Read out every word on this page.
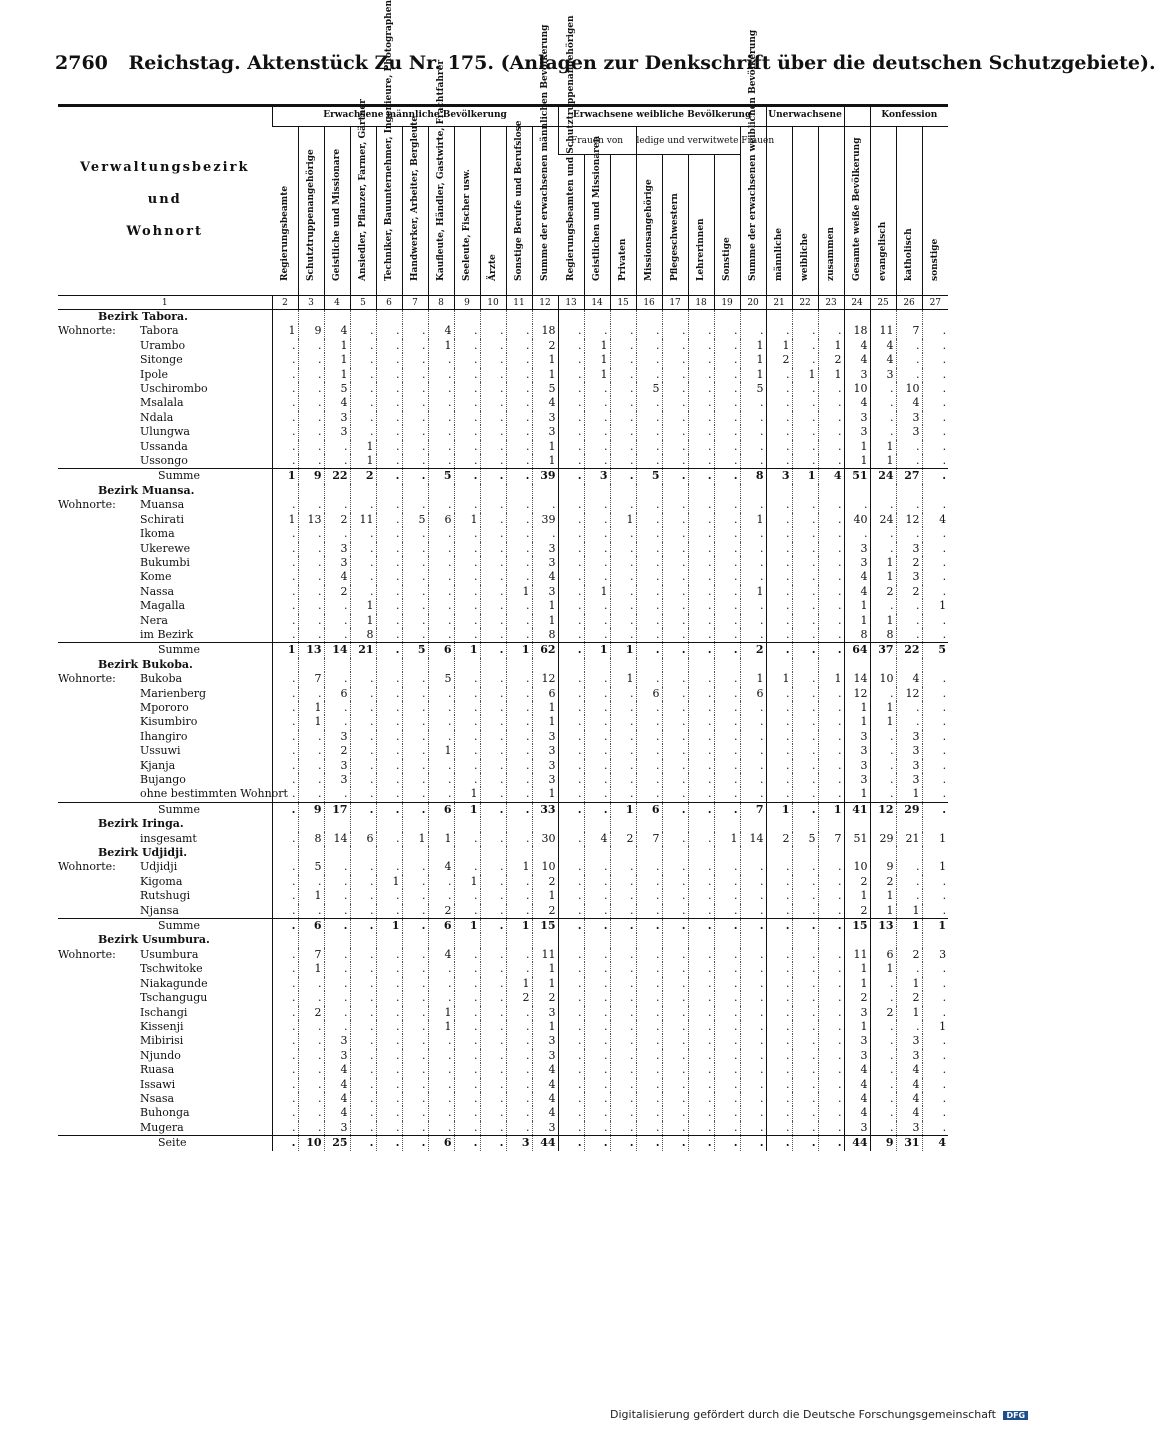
2760 Reichstag. Aktenstück Zu Nr. 175. (Anlagen zur Denkschrift über die deutschen Schutzgebiete).
Verwaltungsbezirk
und
Wohnort	Erwachsene männliche Bevölkerung											Erwachsene weibliche Bevölkerung								Unerwachsene				Konfession		

	Regierungsbeamte	Schutztruppenangehörige	Geistliche und Missionare	Ansiedler, Pflanzer, Farmer, Gärtner	Techniker, Bauunternehmer, Ingenieure, Photographen	Handwerker, Arbeiter, Bergleute	Kaufleute, Händler, Gastwirte, Frachtfahrer	Seeleute, Fischer usw.	Ärzte	Sonstige Berufe und Berufslose	Summe der erwachsenen männlichen Bevölkerung	Frauen von			ledige und verwitwete Frauen				Summe der erwachsenen weiblichen Bevölkerung	männliche	weibliche	zusammen	Gesamte weiße Bevölkerung	evangelisch	katholisch	sonstige

												Regierungsbeamten und Schutztruppenangehörigen	Geistlichen und Missionaren	Privaten	Missionsangehörige	Pflegeschwestern	Lehrerinnen	Sonstige								

1	2	3	4	5	6	7	8	9	10	11	12	13	14	15	16	17	18	19	20	21	22	23	24	25	26	27
Bezirk Tabora.																										
Wohnorte: Tabora	1	9	4	.	.	.	4	.	.	.	18	.	.	.	.	.	.	.	.	.	.	.	18	11	7	.
Urambo	.	.	1	.	.	.	1	.	.	.	2	.	1	.	.	.	.	.	1	1	.	1	4	4	.	.
Sitonge	.	.	1	.	.	.	.	.	.	.	1	.	1	.	.	.	.	.	1	2	.	2	4	4	.	.
Ipole	.	.	1	.	.	.	.	.	.	.	1	.	1	.	.	.	.	.	1	.	1	1	3	3	.	.
Uschirombo	.	.	5	.	.	.	.	.	.	.	5	.	.	.	5	.	.	.	5	.	.	.	10	.	10	.
Msalala	.	.	4	.	.	.	.	.	.	.	4	.	.	.	.	.	.	.	.	.	.	.	4	.	4	.
Ndala	.	.	3	.	.	.	.	.	.	.	3	.	.	.	.	.	.	.	.	.	.	.	3	.	3	.
Ulungwa	.	.	3	.	.	.	.	.	.	.	3	.	.	.	.	.	.	.	.	.	.	.	3	.	3	.
Ussanda	.	.	.	1	.	.	.	.	.	.	1	.	.	.	.	.	.	.	.	.	.	.	1	1	.	.
Ussongo	.	.	.	1	.	.	.	.	.	.	1	.	.	.	.	.	.	.	.	.	.	.	1	1	.	.
Summe	1	9	22	2	.	.	5	.	.	.	39	.	3	.	5	.	.	.	8	3	1	4	51	24	27	.
Bezirk Muansa.																										
Wohnorte: Muansa	.	.	.	.	.	.	.	.	.	.	.	.	.	.	.	.	.	.	.	.	.	.	.	.	.	.
Schirati	1	13	2	11	.	5	6	1	.	.	39	.	.	1	.	.	.	.	1	.	.	.	40	24	12	4
Ikoma	.	.	.	.	.	.	.	.	.	.	.	.	.	.	.	.	.	.	.	.	.	.	.	.	.	.
Ukerewe	.	.	3	.	.	.	.	.	.	.	3	.	.	.	.	.	.	.	.	.	.	.	3	.	3	.
Bukumbi	.	.	3	.	.	.	.	.	.	.	3	.	.	.	.	.	.	.	.	.	.	.	3	1	2	.
Kome	.	.	4	.	.	.	.	.	.	.	4	.	.	.	.	.	.	.	.	.	.	.	4	1	3	.
Nassa	.	.	2	.	.	.	.	.	.	1	3	.	1	.	.	.	.	.	1	.	.	.	4	2	2	.
Magalla	.	.	.	1	.	.	.	.	.	.	1	.	.	.	.	.	.	.	.	.	.	.	1	.	.	1
Nera	.	.	.	1	.	.	.	.	.	.	1	.	.	.	.	.	.	.	.	.	.	.	1	1	.	.
im Bezirk	.	.	.	8	.	.	.	.	.	.	8	.	.	.	.	.	.	.	.	.	.	.	8	8	.	.
Summe	1	13	14	21	.	5	6	1	.	1	62	.	1	1	.	.	.	.	2	.	.	.	64	37	22	5
Bezirk Bukoba.																										
Wohnorte: Bukoba	.	7	.	.	.	.	5	.	.	.	12	.	.	1	.	.	.	.	1	1	.	1	14	10	4	.
Marienberg	.	.	6	.	.	.	.	.	.	.	6	.	.	.	6	.	.	.	6	.	.	.	12	.	12	.
Mpororo	.	1	.	.	.	.	.	.	.	.	1	.	.	.	.	.	.	.	.	.	.	.	1	1	.	.
Kisumbiro	.	1	.	.	.	.	.	.	.	.	1	.	.	.	.	.	.	.	.	.	.	.	1	1	.	.
Ihangiro	.	.	3	.	.	.	.	.	.	.	3	.	.	.	.	.	.	.	.	.	.	.	3	.	3	.
Ussuwi	.	.	2	.	.	.	1	.	.	.	3	.	.	.	.	.	.	.	.	.	.	.	3	.	3	.
Kjanja	.	.	3	.	.	.	.	.	.	.	3	.	.	.	.	.	.	.	.	.	.	.	3	.	3	.
Bujango	.	.	3	.	.	.	.	.	.	.	3	.	.	.	.	.	.	.	.	.	.	.	3	.	3	.
ohne bestimmten Wohnort	.	.	.	.	.	.	.	1	.	.	1	.	.	.	.	.	.	.	.	.	.	.	1	.	1	.
Summe	.	9	17	.	.	.	6	1	.	.	33	.	.	1	6	.	.	.	7	1	.	1	41	12	29	.
Bezirk Iringa.																										
insgesamt	.	8	14	6	.	1	1	.	.	.	30	.	4	2	7	.	.	1	14	2	5	7	51	29	21	1
Bezirk Udjidji.																										
Wohnorte: Udjidji	.	5	.	.	.	.	4	.	.	1	10	.	.	.	.	.	.	.	.	.	.	.	10	9	.	1
Kigoma	.	.	.	.	1	.	.	1	.	.	2	.	.	.	.	.	.	.	.	.	.	.	2	2	.	.
Rutshugi	.	1	.	.	.	.	.	.	.	.	1	.	.	.	.	.	.	.	.	.	.	.	1	1	.	.
Njansa	.	.	.	.	.	.	2	.	.	.	2	.	.	.	.	.	.	.	.	.	.	.	2	1	1	.
Summe	.	6	.	.	1	.	6	1	.	1	15	.	.	.	.	.	.	.	.	.	.	.	15	13	1	1
Bezirk Usumbura.																										
Wohnorte: Usumbura	.	7	.	.	.	.	4	.	.	.	11	.	.	.	.	.	.	.	.	.	.	.	11	6	2	3
Tschwitoke	.	1	.	.	.	.	.	.	.	.	1	.	.	.	.	.	.	.	.	.	.	.	1	1	.	.
Niakagunde	.	.	.	.	.	.	.	.	.	1	1	.	.	.	.	.	.	.	.	.	.	.	1	.	1	.
Tschangugu	.	.	.	.	.	.	.	.	.	2	2	.	.	.	.	.	.	.	.	.	.	.	2	.	2	.
Ischangi	.	2	.	.	.	.	1	.	.	.	3	.	.	.	.	.	.	.	.	.	.	.	3	2	1	.
Kissenji	.	.	.	.	.	.	1	.	.	.	1	.	.	.	.	.	.	.	.	.	.	.	1	.	.	1
Mibirisi	.	.	3	.	.	.	.	.	.	.	3	.	.	.	.	.	.	.	.	.	.	.	3	.	3	.
Njundo	.	.	3	.	.	.	.	.	.	.	3	.	.	.	.	.	.	.	.	.	.	.	3	.	3	.
Ruasa	.	.	4	.	.	.	.	.	.	.	4	.	.	.	.	.	.	.	.	.	.	.	4	.	4	.
Issawi	.	.	4	.	.	.	.	.	.	.	4	.	.	.	.	.	.	.	.	.	.	.	4	.	4	.
Nsasa	.	.	4	.	.	.	.	.	.	.	4	.	.	.	.	.	.	.	.	.	.	.	4	.	4	.
Buhonga	.	.	4	.	.	.	.	.	.	.	4	.	.	.	.	.	.	.	.	.	.	.	4	.	4	.
Mugera	.	.	3	.	.	.	.	.	.	.	3	.	.	.	.	.	.	.	.	.	.	.	3	.	3	.
Seite	.	10	25	.	.	.	6	.	.	3	44	.	.	.	.	.	.	.	.	.	.	.	44	9	31	4
Digitalisierung gefördert durch die Deutsche Forschungsgemeinschaft DFG
